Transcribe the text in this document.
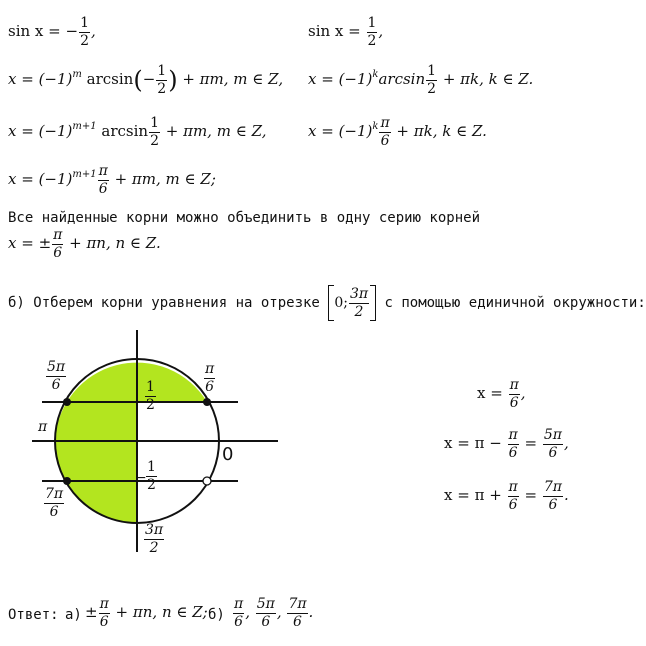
sin x = − $\frac{1}{2}$ ,
$x = (-1)^m$ $\arcsin(- \frac{1}{2}$ ) + πm, m ∈ Z,
$x = (-1)^{m+1}$ $\arcsin \frac{1}{2} + \pi m$, m ∈ Z,
$x = (-1)^{m+1} \frac{\pi}{6} + \pi m$, m ∈ Z;
$\sin x = \frac{1}{2}$ ,
$x = (-1)^k\arcsin \frac{1}{2} + \pi k$, k ∈ Z.
$x = (-1)^k \frac{\pi}{6} + \pi k$, k ∈ Z.
Все найденные корни можно объединить в одну серию корней
x = ± $\frac{\pi}{6} + \pi n$, n ∈ Z.
б) Отберем корни уравнения на отрезке 0; $\frac{3\pi}{2}$ с помощью единичной окружности:
5π
6
π
6
1
2
π
0
−
1
2
7π
6
3π
2
$x = \frac{\pi}{6}$ ,
$x = \pi - \frac{\pi}{6} = \frac{5\pi}{6}$ ,
$x = \pi + \frac{\pi}{6} = \frac{7\pi}{6}$ .
Ответ: $а) \pm \frac{\pi}{6} + \pi n$, n ∈ Z; $б) \frac{\pi}{6}$ , $\frac{5\pi}{6}$ , $\frac{7\pi}{6}$ .
